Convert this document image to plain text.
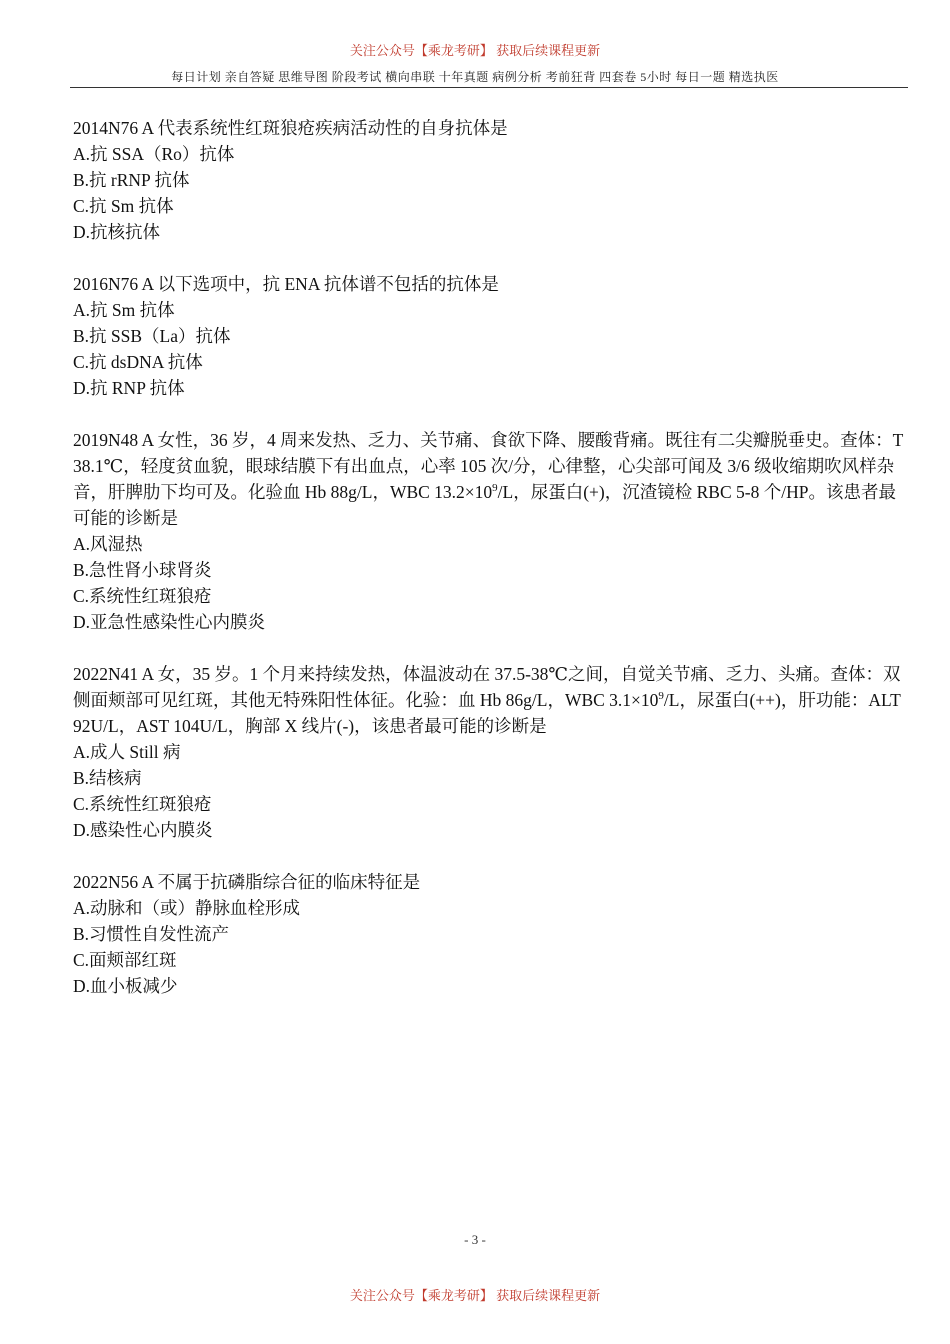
关注公众号【乘龙考研】 获取后续课程更新
每日计划 亲自答疑 思维导图 阶段考试 横向串联 十年真题 病例分析 考前狂背 四套卷 5小时 每日一题 精选执医

2014N76 A 代表系统性红斑狼疮疾病活动性的自身抗体是

A.抗 SSA（Ro）抗体

B.抗 rRNP 抗体

C.抗 Sm 抗体

D.抗核抗体

2016N76 A 以下选项中，抗 ENA 抗体谱不包括的抗体是

A.抗 Sm 抗体

B.抗 SSB（La）抗体

C.抗 dsDNA 抗体

D.抗 RNP 抗体

2019N48 A 女性，36 岁，4 周来发热、乏力、关节痛、食欲下降、腰酸背痛。既往有二尖瓣脱垂史。查体：T 38.1℃，轻度贫血貌，眼球结膜下有出血点，心率 105 次/分，心律整，心尖部可闻及 3/6 级收缩期吹风样杂音，肝脾肋下均可及。化验血 Hb 88g/L，WBC $13.2\times 10^9/L$，尿蛋白(+)，沉渣镜检 RBC 5-8 个/HP。该患者最可能的诊断是

A.风湿热

B.急性肾小球肾炎

C.系统性红斑狼疮

D.亚急性感染性心内膜炎

2022N41 A 女，35 岁。1 个月来持续发热，体温波动在 37.5-38℃之间，自觉关节痛、乏力、头痛。查体：双侧面颊部可见红斑，其他无特殊阳性体征。化验：血 Hb 86g/L，WBC $3.1\times 10^9/L$，尿蛋白(++)，肝功能：ALT 92U/L，AST 104U/L，胸部 X 线片(-)，该患者最可能的诊断是

A.成人 Still 病

B.结核病

C.系统性红斑狼疮

D.感染性心内膜炎

2022N56 A 不属于抗磷脂综合征的临床特征是

A.动脉和（或）静脉血栓形成

B.习惯性自发性流产

C.面颊部红斑

D.血小板减少

- 3 -
关注公众号【乘龙考研】 获取后续课程更新
